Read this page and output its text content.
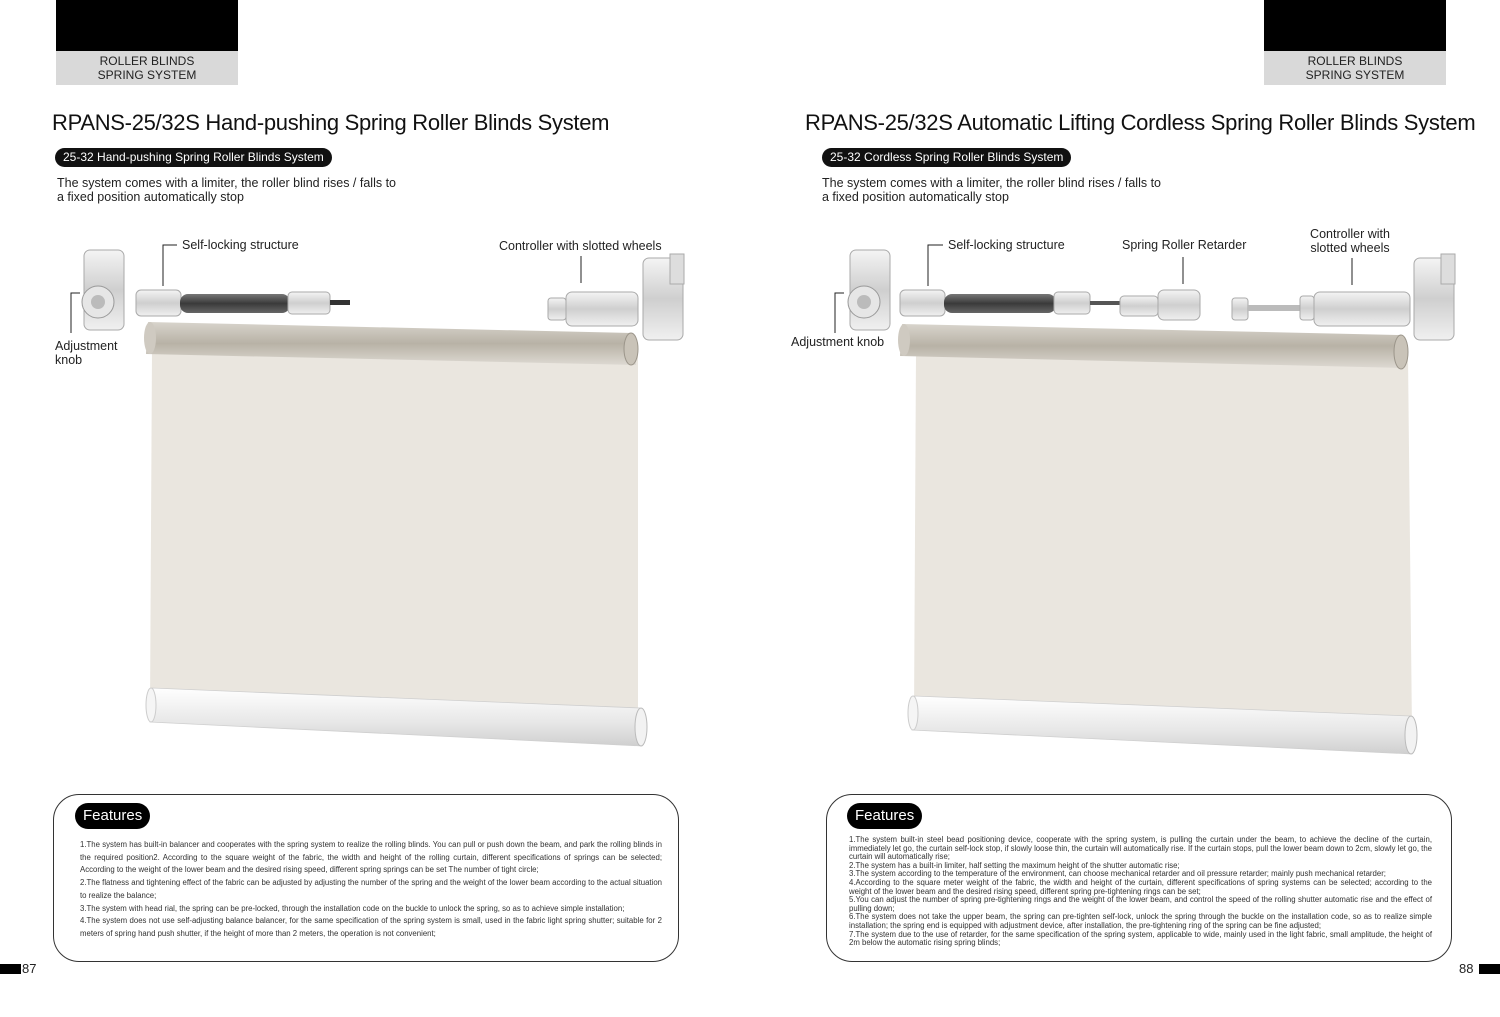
ROLLER BLINDS
SPRING SYSTEM
ROLLER BLINDS
SPRING SYSTEM
RPANS-25/32S Hand-pushing Spring Roller Blinds System
25-32 Hand-pushing Spring Roller Blinds System
The system comes with a limiter, the roller blind rises / falls to
a fixed position automatically stop
Self-locking structure	Controller with slotted wheels
Adjustment
knob
Features
1.The system has built-in balancer and cooperates with the spring system to realize the rolling blinds. You can pull or push down the beam, and park the rolling blinds in the required position2. According to the square weight of the fabric, the width and height of the rolling curtain, different specifications of springs can be selected; According to the weight of the lower beam and the desired rising speed, different spring springs can be set The number of tight circle;
2.The flatness and tightening effect of the fabric can be adjusted by adjusting the number of the spring and the weight of the lower beam according to the actual situation to realize the balance;
3.The system with head rial, the spring can be pre-locked, through the installation code on the buckle to unlock the spring, so as to achieve simple installation;
4.The system does not use self-adjusting balance balancer, for the same specification of the spring system is small, used in the fabric light spring shutter; suitable for 2 meters of spring hand push shutter, if the height of more than 2 meters, the operation is not convenient;
87
RPANS-25/32S Automatic Lifting Cordless Spring Roller Blinds System
25-32 Cordless Spring Roller Blinds System
The system comes with a limiter, the roller blind rises / falls to
a fixed position automatically stop
Self-locking structure	Spring Roller Retarder
Controller with
slotted wheels
Adjustment knob
Features
1.The system built-in steel bead positioning device, cooperate with the spring system, is pulling the curtain under the beam, to achieve the decline of the curtain, immediately let go, the curtain self-lock stop, if slowly loose thin, the curtain will automatically rise. If the curtain stops, pull the lower beam down to 2cm, slowly let go, the curtain will automatically rise;
2.The system has a built-in limiter, half setting the maximum height of the shutter automatic rise;
3.The system according to the temperature of the environment, can choose mechanical retarder and oil pressure retarder; mainly push mechanical retarder;
4.According to the square meter weight of the fabric, the width and height of the curtain, different specifications of spring systems can be selected; according to the weight of the lower beam and the desired rising speed, different spring pre-tightening rings can be set;
5.You can adjust the number of spring pre-tightening rings and the weight of the lower beam, and control the speed of the rolling shutter automatic rise and the effect of pulling down;
6.The system does not take the upper beam, the spring can pre-tighten self-lock, unlock the spring through the buckle on the installation code, so as to realize simple installation; the spring end is equipped with adjustment device, after installation, the pre-tightening ring of the spring can be fine adjusted;
7.The system due to the use of retarder, for the same specification of the spring system, applicable to wide, mainly used in the light fabric, small amplitude, the height of 2m below the automatic rising spring blinds;
88
